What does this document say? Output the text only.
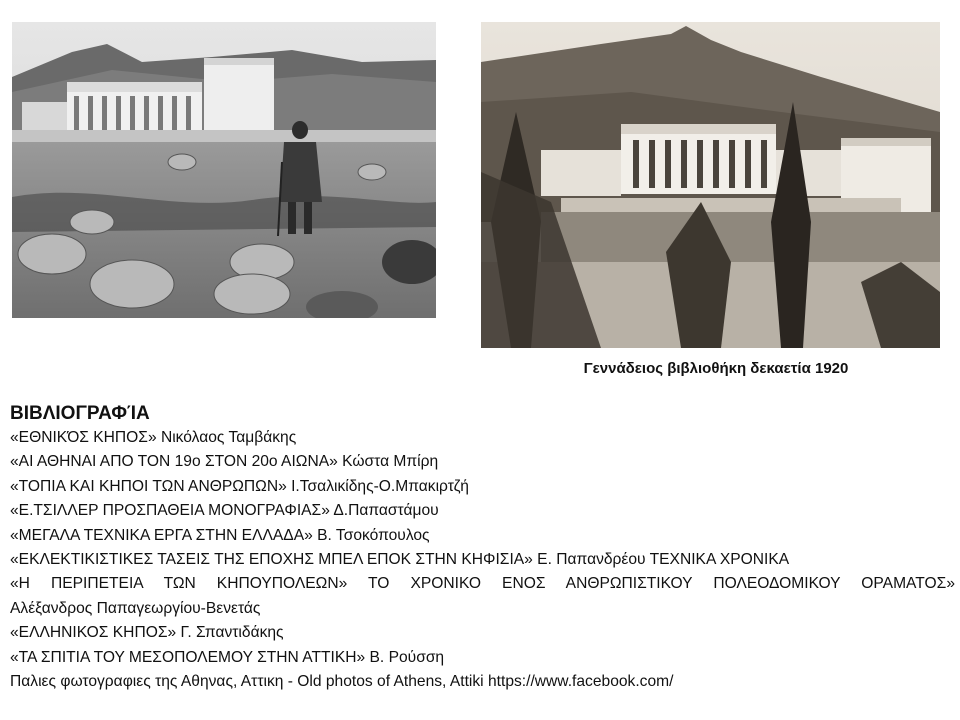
Γεννάδειος βιβλιοθήκη δεκαετία 1920
ΒΙΒΛΙΟΓΡΑΦΊΑ
«ΕΘΝΙΚΌΣ ΚΗΠΟΣ» Νικόλαος Ταμβάκης
«ΑΙ ΑΘΗΝΑΙ ΑΠΟ ΤΟΝ 19ο ΣΤΟΝ 20ο ΑΙΩΝΑ» Κώστα Μπίρη
«ΤΟΠΙΑ ΚΑΙ ΚΗΠΟΙ ΤΩΝ ΑΝΘΡΩΠΩΝ» Ι.Τσαλικίδης-Ο.Μπακιρτζή
«Ε.ΤΣΙΛΛΕΡ ΠΡΟΣΠΑΘΕΙΑ ΜΟΝΟΓΡΑΦΙΑΣ» Δ.Παπαστάμου
«ΜΕΓΑΛΑ ΤΕΧΝΙΚΑ ΕΡΓΑ ΣΤΗΝ ΕΛΛΑΔΑ» Β. Τσοκόπουλος
«ΕΚΛΕΚΤΙΚΙΣΤΙΚΕΣ ΤΑΣΕΙΣ ΤΗΣ ΕΠΟΧΗΣ ΜΠΕΛ ΕΠΟΚ ΣΤΗΝ ΚΗΦΙΣΙΑ» Ε. Παπανδρέου ΤΕΧΝΙΚΑ ΧΡΟΝΙΚΑ
«Η ΠΕΡΙΠΕΤΕΙΑ ΤΩΝ ΚΗΠΟΥΠΟΛΕΩΝ» ΤΟ ΧΡΟΝΙΚΟ ΕΝΟΣ ΑΝΘΡΩΠΙΣΤΙΚΟΥ ΠΟΛΕΟΔΟΜΙΚΟΥ ΟΡΑΜΑΤΟΣ»
Αλέξανδρος Παπαγεωργίου-Βενετάς
«ΕΛΛΗΝΙΚΟΣ ΚΗΠΟΣ» Γ. Σπαντιδάκης
«ΤΑ ΣΠΙΤΙΑ ΤΟΥ ΜΕΣΟΠΟΛΕΜΟΥ ΣΤΗΝ ΑΤΤΙΚΗ» Β. Ρούσση
Παλιες φωτογραφιες της Αθηνας, Αττικη - Old photos of Athens, Attiki https://www.facebook.com/
